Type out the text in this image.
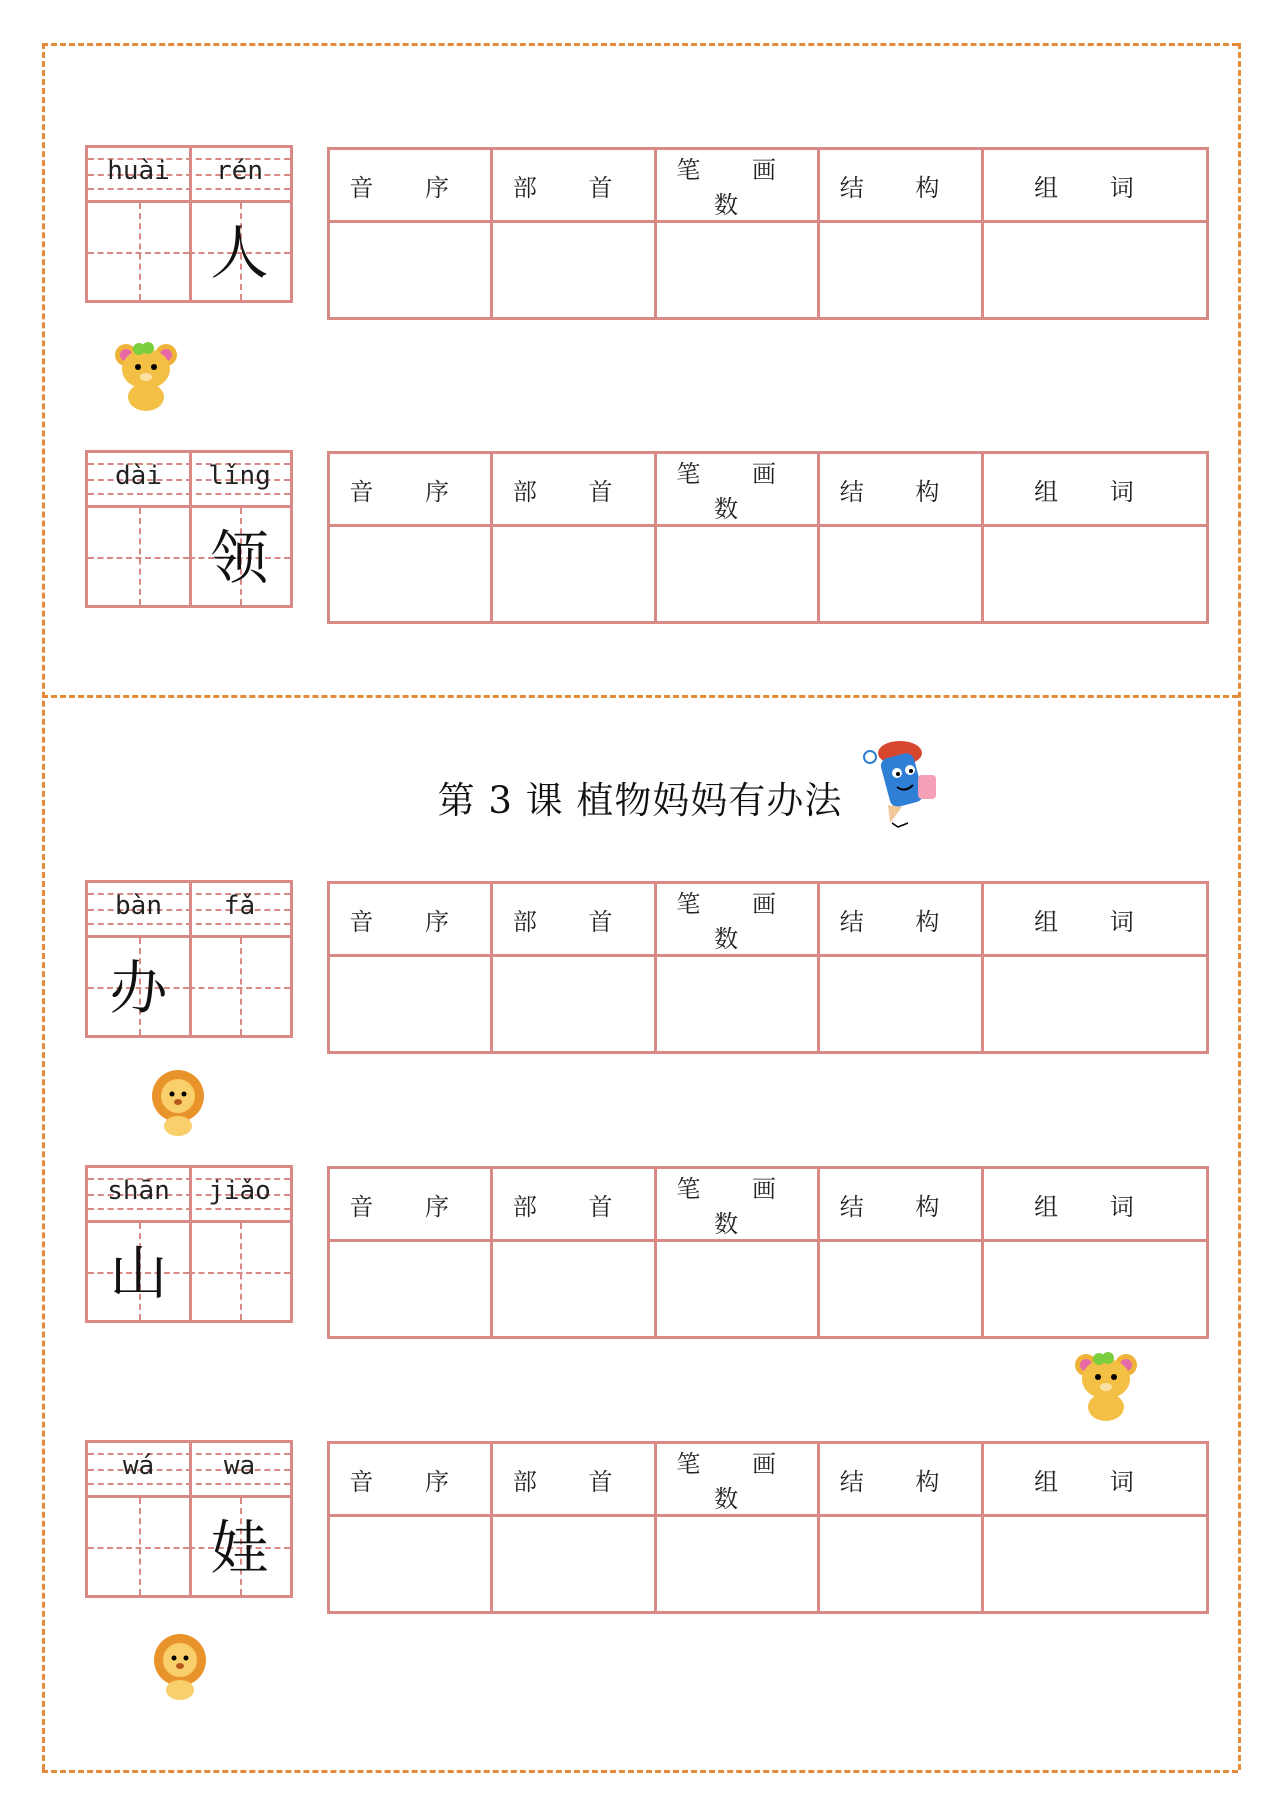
第 3 课 植物妈妈有办法
huài	rén
人
音 序	部 首	笔 画 数	结 构	组 词

dài	lǐng
领
音 序	部 首	笔 画 数	结 构	组 词

bàn	fǎ
办
音 序	部 首	笔 画 数	结 构	组 词

shān	jiǎo
山
音 序	部 首	笔 画 数	结 构	组 词

wá	wa
娃
音 序	部 首	笔 画 数	结 构	组 词
